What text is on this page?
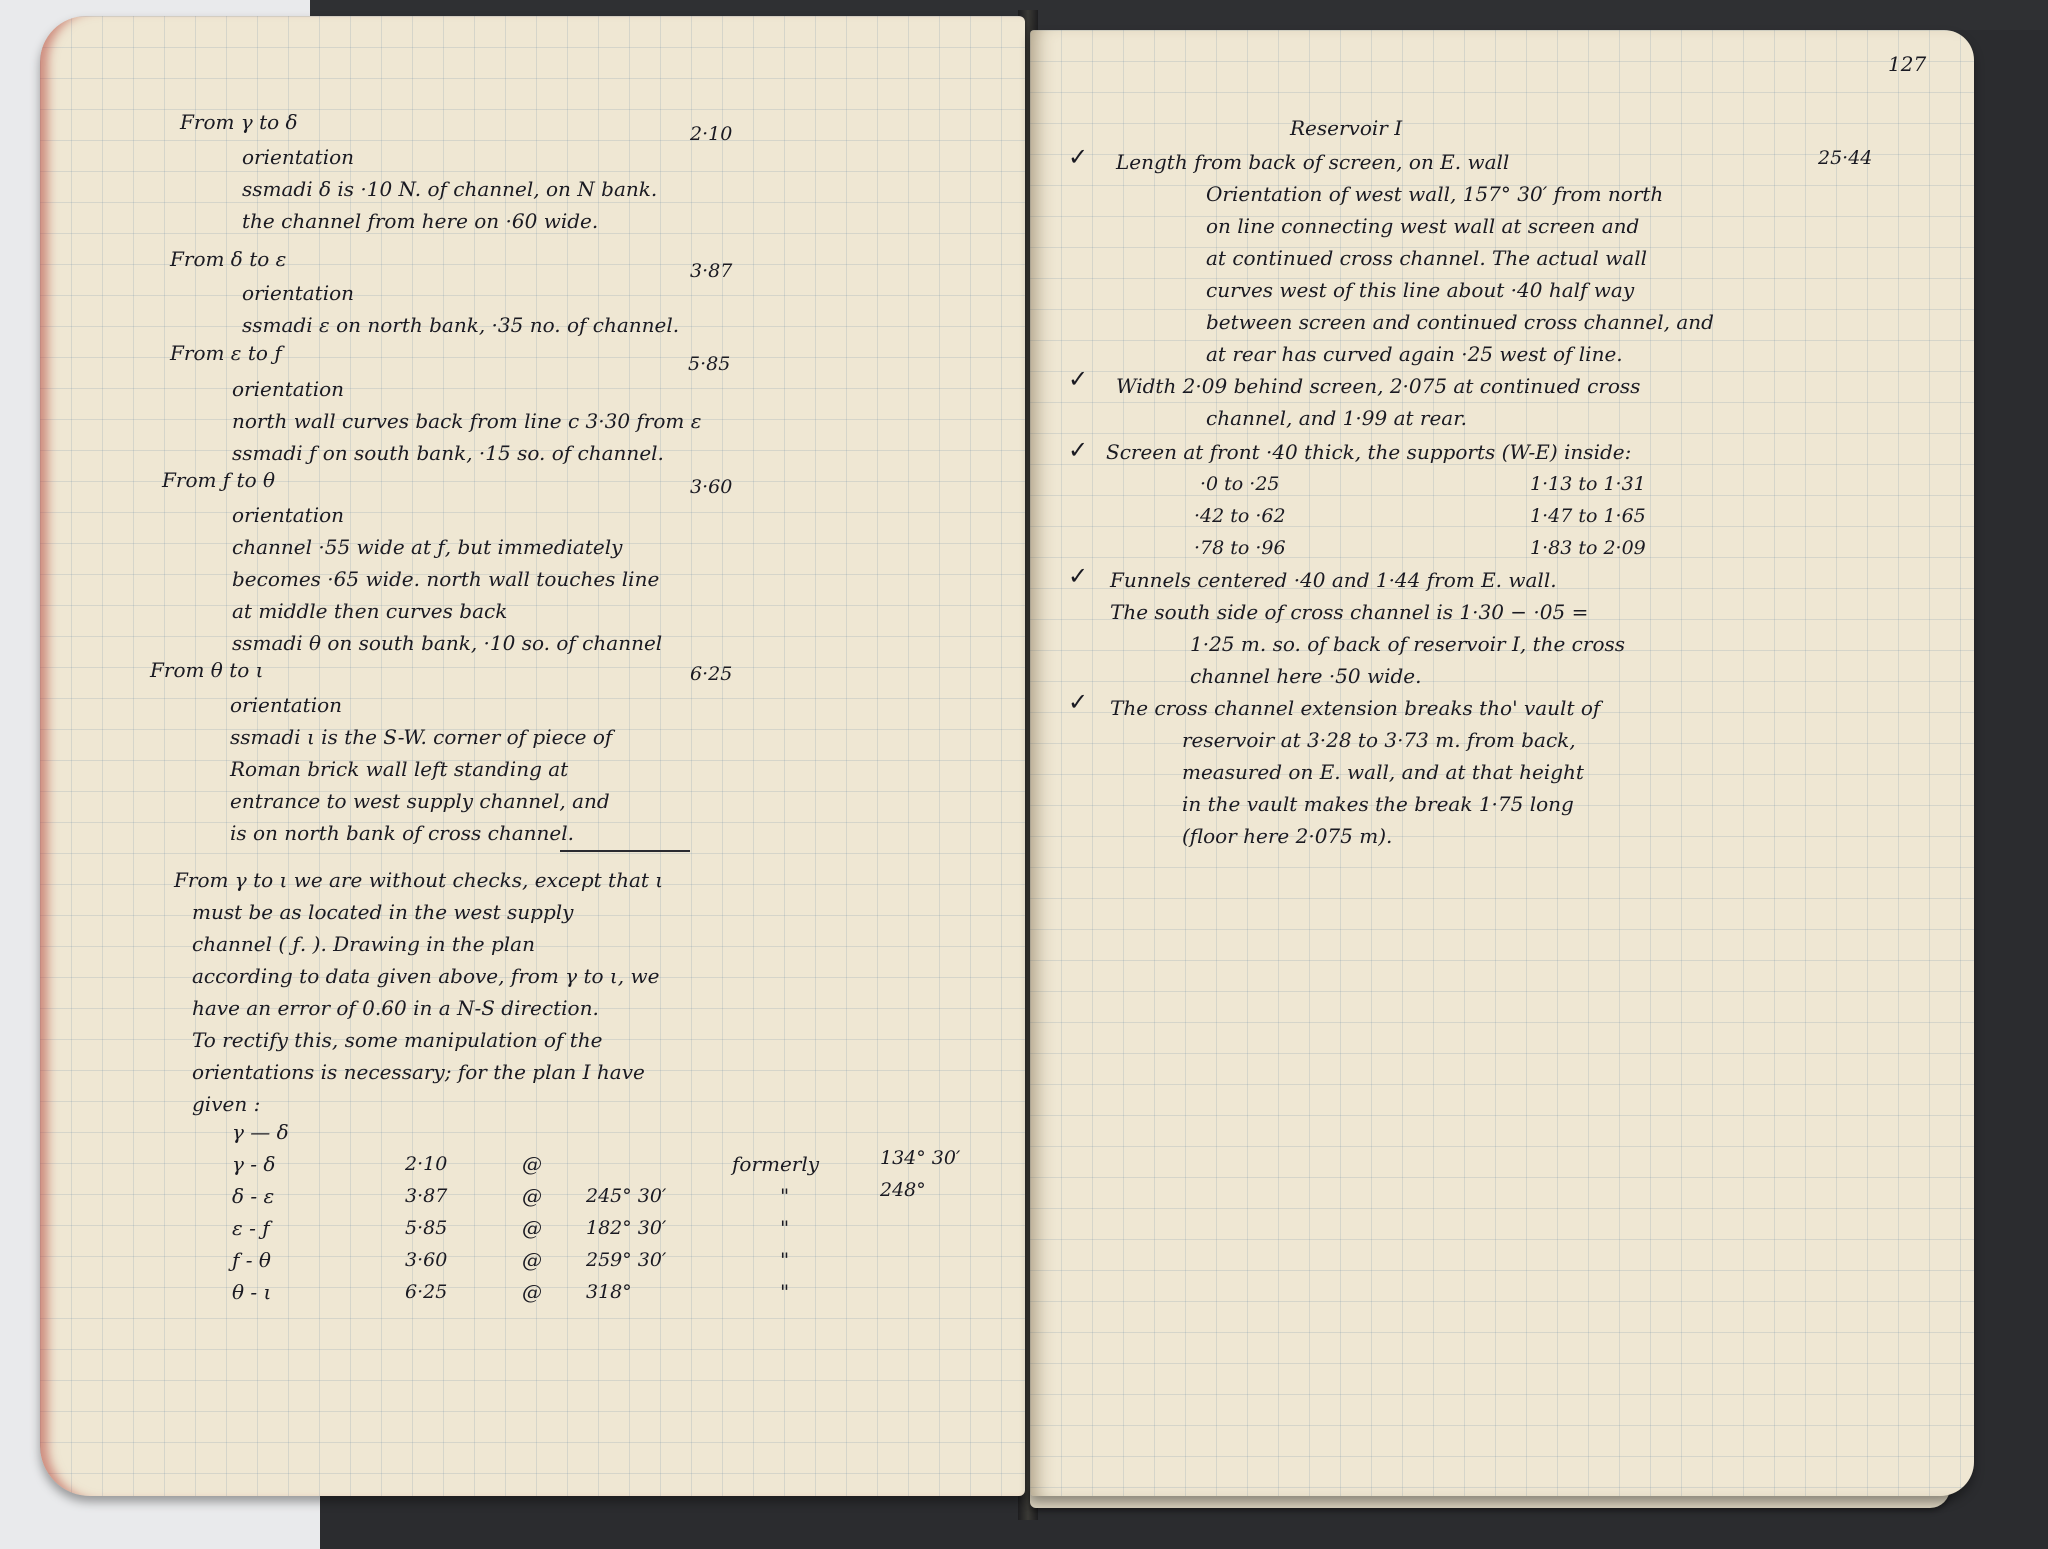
From γ to δ	2·10
orientation
ssmadi δ is ·10 N. of channel, on N bank.
the channel from here on ·60 wide.
From δ to ε	3·87
orientation
ssmadi ε on north bank, ·35 no. of channel.
From ε to ƒ	5·85
orientation
north wall curves back from line c 3·30 from ε
ssmadi ƒ on south bank, ·15 so. of channel.
From ƒ to θ	3·60
orientation
channel ·55 wide at ƒ, but immediately
becomes ·65 wide. north wall touches line
at middle then curves back
ssmadi θ on south bank, ·10 so. of channel
From θ to ι	6·25
orientation
ssmadi ι is the S-W. corner of piece of
Roman brick wall left standing at
entrance to west supply channel, and
is on north bank of cross channel.
From γ to ι we are without checks, except that ι
must be as located in the west supply
channel ( ƒ. ). Drawing in the plan
according to data given above, from γ to ι, we
have an error of 0.60 in a N-S direction.
To rectify this, some manipulation of the
orientations is necessary; for the plan I have
given :
γ — δ
γ - δ	2·10	@	formerly	134° 30′
δ - ε	3·87	@ 245° 30′	"	248°
ε - ƒ	5·85	@ 182° 30′	"
ƒ - θ	3·60	@ 259° 30′	"
θ - ι	6·25	@ 318°	"
127
Reservoir I
✓ Length from back of screen, on E. wall	25·44
Orientation of west wall, 157° 30′ from north
on line connecting west wall at screen and
at continued cross channel. The actual wall
curves west of this line about ·40 half way
between screen and continued cross channel, and
at rear has curved again ·25 west of line.
✓ Width 2·09 behind screen, 2·075 at continued cross
channel, and 1·99 at rear.
✓ Screen at front ·40 thick, the supports (W-E) inside:
·0 to ·25	1·13 to 1·31
·42 to ·62	1·47 to 1·65
·78 to ·96	1·83 to 2·09
✓ Funnels centered ·40 and 1·44 from E. wall.
The south side of cross channel is 1·30 − ·05 =
1·25 m. so. of back of reservoir I, the cross
channel here ·50 wide.
✓ The cross channel extension breaks tho' vault of
reservoir at 3·28 to 3·73 m. from back,
measured on E. wall, and at that height
in the vault makes the break 1·75 long
(floor here 2·075 m).
